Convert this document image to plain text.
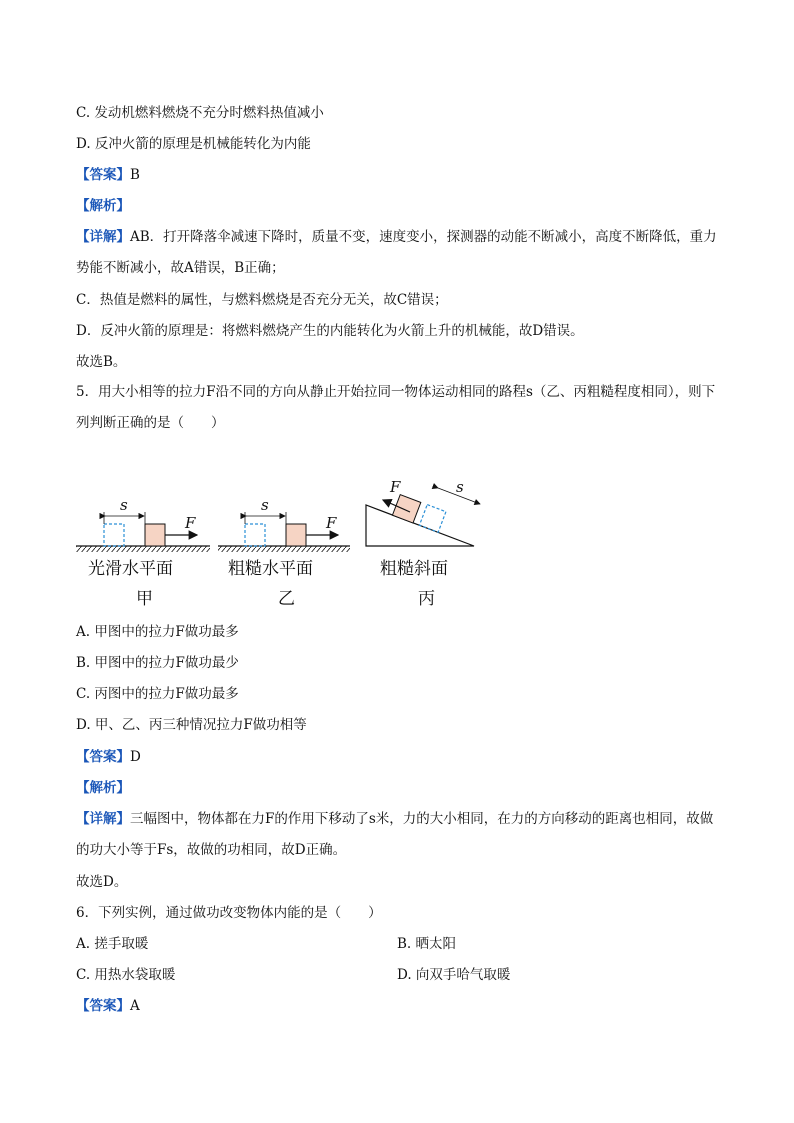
C. 发动机燃料燃烧不充分时燃料热值减小
D. 反冲火箭的原理是机械能转化为内能
【答案】B
【解析】
【详解】AB．打开降落伞减速下降时，质量不变，速度变小，探测器的动能不断减小，高度不断降低，重力势能不断减小，故A错误，B正确；
C．热值是燃料的属性，与燃料燃烧是否充分无关，故C错误；
D．反冲火箭的原理是：将燃料燃烧产生的内能转化为火箭上升的机械能，故D错误。
故选B。
5．用大小相等的拉力F沿不同的方向从静止开始拉同一物体运动相同的路程s（乙、丙粗糙程度相同），则下列判断正确的是（　　）
s
F
光滑水平面
甲
s
F
粗糙水平面
乙
F	s
粗糙斜面
丙
A. 甲图中的拉力F做功最多
B. 甲图中的拉力F做功最少
C. 丙图中的拉力F做功最多
D. 甲、乙、丙三种情况拉力F做功相等
【答案】D
【解析】
【详解】三幅图中，物体都在力F的作用下移动了s米，力的大小相同，在力的方向移动的距离也相同，故做的功大小等于Fs，故做的功相同，故D正确。
故选D。
6．下列实例，通过做功改变物体内能的是（　　）
A. 搓手取暖	B. 晒太阳
C. 用热水袋取暖	D. 向双手哈气取暖
【答案】A
